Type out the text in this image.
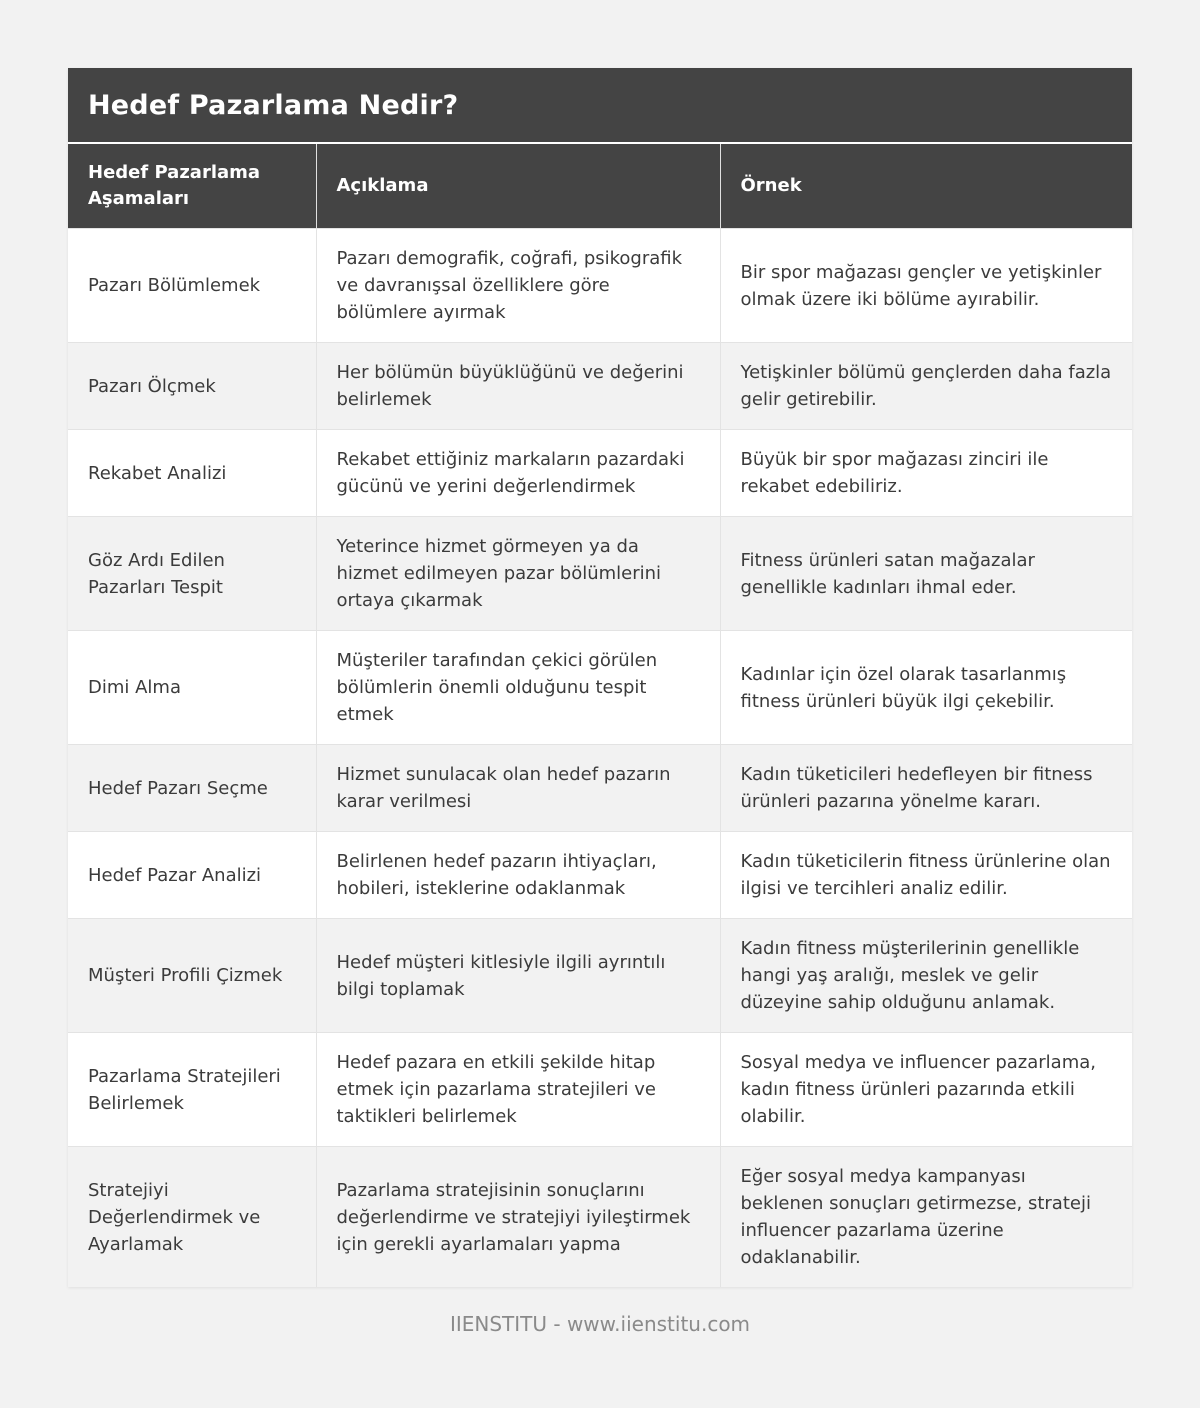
Hedef Pazarlama Nedir?
Hedef Pazarlama Aşamaları	Açıklama	Örnek
Pazarı Bölümlemek	Pazarı demografik, coğrafi, psikografik ve davranışsal özelliklere göre bölümlere ayırmak	Bir spor mağazası gençler ve yetişkinler olmak üzere iki bölüme ayırabilir.
Pazarı Ölçmek	Her bölümün büyüklüğünü ve değerini belirlemek	Yetişkinler bölümü gençlerden daha fazla gelir getirebilir.
Rekabet Analizi	Rekabet ettiğiniz markaların pazardaki gücünü ve yerini değerlendirmek	Büyük bir spor mağazası zinciri ile rekabet edebiliriz.
Göz Ardı Edilen Pazarları Tespit	Yeterince hizmet görmeyen ya da hizmet edilmeyen pazar bölümlerini ortaya çıkarmak	Fitness ürünleri satan mağazalar genellikle kadınları ihmal eder.
Dimi Alma	Müşteriler tarafından çekici görülen bölümlerin önemli olduğunu tespit etmek	Kadınlar için özel olarak tasarlanmış fitness ürünleri büyük ilgi çekebilir.
Hedef Pazarı Seçme	Hizmet sunulacak olan hedef pazarın karar verilmesi	Kadın tüketicileri hedefleyen bir fitness ürünleri pazarına yönelme kararı.
Hedef Pazar Analizi	Belirlenen hedef pazarın ihtiyaçları, hobileri, isteklerine odaklanmak	Kadın tüketicilerin fitness ürünlerine olan ilgisi ve tercihleri analiz edilir.
Müşteri Profili Çizmek	Hedef müşteri kitlesiyle ilgili ayrıntılı bilgi toplamak	Kadın fitness müşterilerinin genellikle hangi yaş aralığı, meslek ve gelir düzeyine sahip olduğunu anlamak.
Pazarlama Stratejileri Belirlemek	Hedef pazara en etkili şekilde hitap etmek için pazarlama stratejileri ve taktikleri belirlemek	Sosyal medya ve influencer pazarlama, kadın fitness ürünleri pazarında etkili olabilir.
Stratejiyi Değerlendirmek ve Ayarlamak	Pazarlama stratejisinin sonuçlarını değerlendirme ve stratejiyi iyileştirmek için gerekli ayarlamaları yapma	Eğer sosyal medya kampanyası beklenen sonuçları getirmezse, strateji influencer pazarlama üzerine odaklanabilir.
IIENSTITU - www.iienstitu.com
